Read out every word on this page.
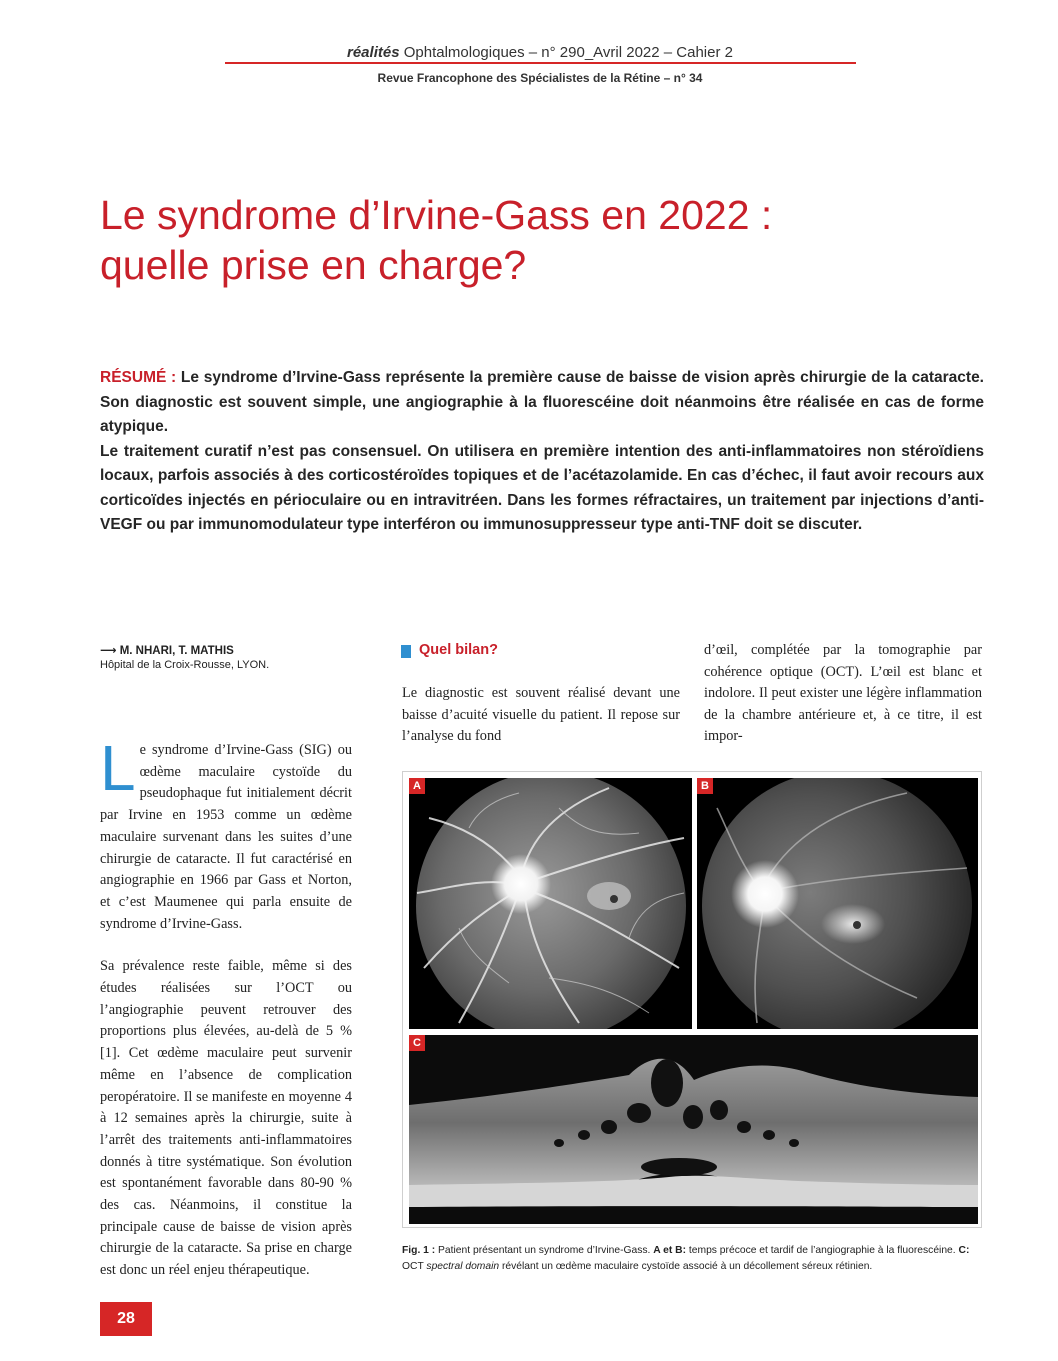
réalités Ophtalmologiques – n° 290_Avril 2022 – Cahier 2
Revue Francophone des Spécialistes de la Rétine – n° 34
Le syndrome d’Irvine-Gass en 2022 :
quelle prise en charge?

RÉSUMÉ : Le syndrome d’Irvine-Gass représente la première cause de baisse de vision après chirurgie de la cataracte. Son diagnostic est souvent simple, une angiographie à la fluorescéine doit néanmoins être réalisée en cas de forme atypique.

Le traitement curatif n’est pas consensuel. On utilisera en première intention des anti-inflammatoires non stéroïdiens locaux, parfois associés à des corticostéroïdes topiques et de l’acétazolamide. En cas d’échec, il faut avoir recours aux corticoïdes injectés en périoculaire ou en intravitréen. Dans les formes réfractaires, un traitement par injections d’anti-VEGF ou par immunomodulateur type interféron ou immunosuppresseur type anti-TNF doit se discuter.

⟶ M. NHARI, T. MATHIS
Hôpital de la Croix-Rousse, LYON.

Le syndrome d’Irvine-Gass (SIG) ou œdème maculaire cystoïde du pseudophaque fut initialement décrit par Irvine en 1953 comme un œdème maculaire survenant dans les suites d’une chirurgie de cataracte. Il fut caractérisé en angiographie en 1966 par Gass et Norton, et c’est Maumenee qui parla ensuite de syndrome d’Irvine-Gass.

Sa prévalence reste faible, même si des études réalisées sur l’OCT ou l’angiographie peuvent retrouver des proportions plus élevées, au-delà de 5 % [1]. Cet œdème maculaire peut survenir même en l’absence de complication peropératoire. Il se manifeste en moyenne 4 à 12 semaines après la chirurgie, suite à l’arrêt des traitements anti-inflammatoires donnés à titre systématique. Son évolution est spontanément favorable dans 80-90 % des cas. Néanmoins, il constitue la principale cause de baisse de vision après chirurgie de la cataracte. Sa prise en charge est donc un réel enjeu thérapeutique.

Quel bilan?

Le diagnostic est souvent réalisé devant une baisse d’acuité visuelle du patient. Il repose sur l’analyse du fond

d’œil, complétée par la tomographie par cohérence optique (OCT). L’œil est blanc et indolore. Il peut exister une légère inflammation de la chambre antérieure et, à ce titre, il est impor-

A	B
C
Fig. 1 : Patient présentant un syndrome d’Irvine-Gass. A et B: temps précoce et tardif de l’angiographie à la fluorescéine. C: OCT spectral domain révélant un œdème maculaire cystoïde associé à un décollement séreux rétinien.
28
